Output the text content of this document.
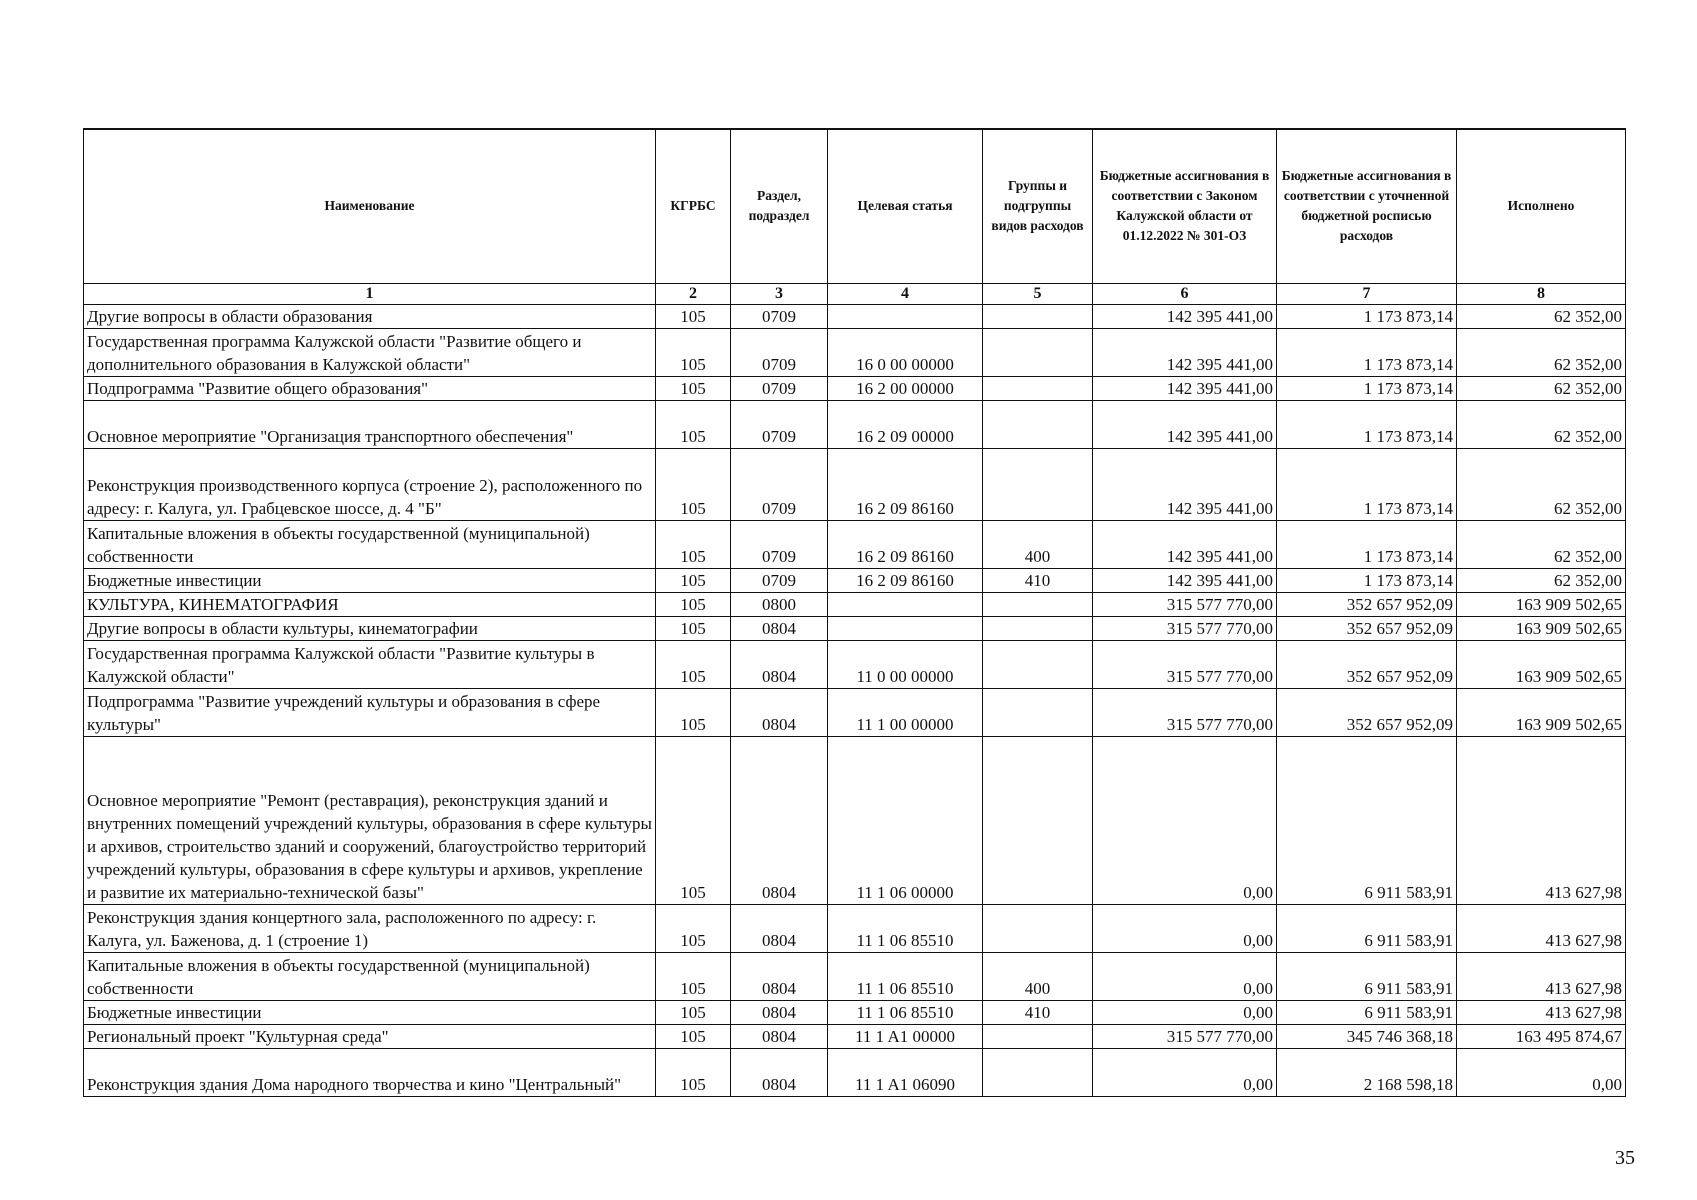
Наименование	КГРБС	Раздел, подраздел	Целевая статья	Группы и подгруппы видов расходов	Бюджетные ассигнования в соответствии с Законом Калужской области от 01.12.2022 № 301-ОЗ	Бюджетные ассигнования в соответствии с уточненной бюджетной росписью расходов	Исполнено
1	2	3	4	5	6	7	8
Другие вопросы в области образования	105	0709			142 395 441,00	1 173 873,14	62 352,00
Государственная программа Калужской области "Развитие общего и дополнительного образования в Калужской области"	105	0709	16 0 00 00000		142 395 441,00	1 173 873,14	62 352,00
Подпрограмма "Развитие общего образования"	105	0709	16 2 00 00000		142 395 441,00	1 173 873,14	62 352,00
Основное мероприятие "Организация транспортного обеспечения"	105	0709	16 2 09 00000		142 395 441,00	1 173 873,14	62 352,00
Реконструкция производственного корпуса (строение 2), расположенного по адресу: г. Калуга, ул. Грабцевское шоссе, д. 4 "Б"	105	0709	16 2 09 86160		142 395 441,00	1 173 873,14	62 352,00
Капитальные вложения в объекты государственной (муниципальной) собственности	105	0709	16 2 09 86160	400	142 395 441,00	1 173 873,14	62 352,00
Бюджетные инвестиции	105	0709	16 2 09 86160	410	142 395 441,00	1 173 873,14	62 352,00
КУЛЬТУРА, КИНЕМАТОГРАФИЯ	105	0800			315 577 770,00	352 657 952,09	163 909 502,65
Другие вопросы в области культуры, кинематографии	105	0804			315 577 770,00	352 657 952,09	163 909 502,65
Государственная программа Калужской области "Развитие культуры в Калужской области"	105	0804	11 0 00 00000		315 577 770,00	352 657 952,09	163 909 502,65
Подпрограмма "Развитие учреждений культуры и образования в сфере культуры"	105	0804	11 1 00 00000		315 577 770,00	352 657 952,09	163 909 502,65
Основное мероприятие "Ремонт (реставрация), реконструкция зданий и внутренних помещений учреждений культуры, образования в сфере культуры и архивов, строительство зданий и сооружений, благоустройство территорий учреждений культуры, образования в сфере культуры и архивов, укрепление и развитие их материально-технической базы"	105	0804	11 1 06 00000		0,00	6 911 583,91	413 627,98
Реконструкция здания концертного зала, расположенного по адресу: г. Калуга, ул. Баженова, д. 1 (строение 1)	105	0804	11 1 06 85510		0,00	6 911 583,91	413 627,98
Капитальные вложения в объекты государственной (муниципальной) собственности	105	0804	11 1 06 85510	400	0,00	6 911 583,91	413 627,98
Бюджетные инвестиции	105	0804	11 1 06 85510	410	0,00	6 911 583,91	413 627,98
Региональный проект "Культурная среда"	105	0804	11 1 A1 00000		315 577 770,00	345 746 368,18	163 495 874,67
Реконструкция здания Дома народного творчества и кино "Центральный"	105	0804	11 1 A1 06090		0,00	2 168 598,18	0,00
35
